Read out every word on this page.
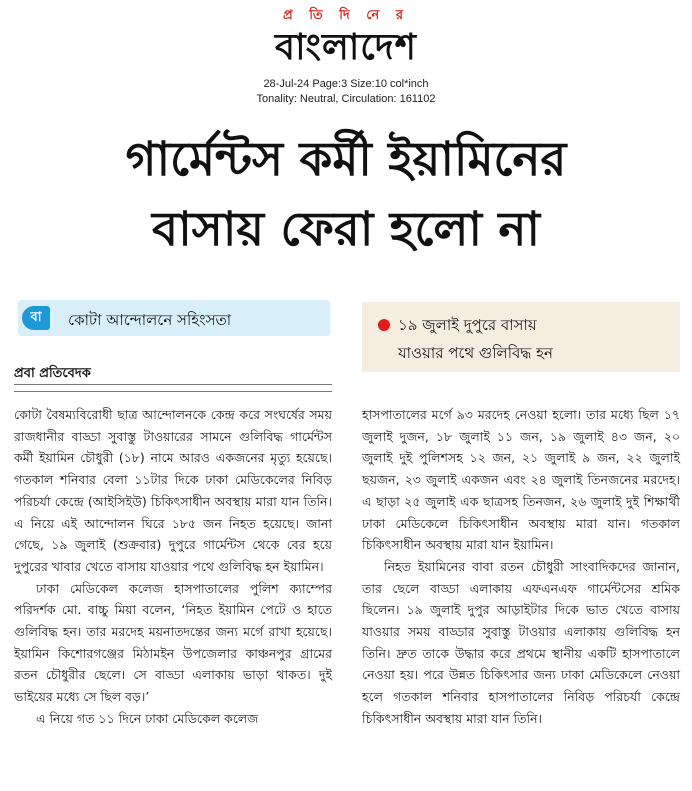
প্র তি দি নে র
বাংলাদেশ
28-Jul-24 Page:3 Size:10 col*inch
Tonality: Neutral, Circulation: 161102
গার্মেন্টস কর্মী ইয়ামিনের
বাসায় ফেরা হলো না
বা	কোটা আন্দোলনে সহিংসতা	১৯ জুলাই দুপুরে বাসায়
যাওয়ার পথে গুলিবিদ্ধ হন
প্রবা প্রতিবেদক

কোটা বৈষম্যবিরোধী ছাত্র আন্দোলনকে কেন্দ্র করে সংঘর্ষের সময় রাজধানীর বাড্ডা সুবাস্তু টাওয়ারের সামনে গুলিবিদ্ধ গার্মেন্টস কর্মী ইয়ামিন চৌধুরী (১৮) নামে আরও একজনের মৃত্যু হয়েছে। গতকাল শনিবার বেলা ১১টার দিকে ঢাকা মেডিকেলের নিবিড় পরিচর্যা কেন্দ্রে (আইসিইউ) চিকিৎসাধীন অবস্থায় মারা যান তিনি। এ নিয়ে এই আন্দোলন ঘিরে ১৮৫ জন নিহত হয়েছে। জানা গেছে, ১৯ জুলাই (শুক্রবার) দুপুরে গার্মেন্টস থেকে বের হয়ে দুপুরের খাবার খেতে বাসায় যাওয়ার পথে গুলিবিদ্ধ হন ইয়ামিন।

ঢাকা মেডিকেল কলেজ হাসপাতালের পুলিশ ক্যাম্পের পরিদর্শক মো. বাচ্চু মিয়া বলেন, ‘নিহত ইয়ামিন পেটে ও হাতে গুলিবিদ্ধ হন। তার মরদেহ ময়নাতদন্তের জন্য মর্গে রাখা হয়েছে। ইয়ামিন কিশোরগঞ্জের মিঠামইন উপজেলার কাঞ্চনপুর গ্রামের রতন চৌধুরীর ছেলে। সে বাড্ডা এলাকায় ভাড়া থাকত। দুই ভাইয়ের মধ্যে সে ছিল বড়।’

এ নিয়ে গত ১১ দিনে ঢাকা মেডিকেল কলেজ

হাসপাতালের মর্গে ৯৩ মরদেহ নেওয়া হলো। তার মধ্যে ছিল ১৭ জুলাই দুজন, ১৮ জুলাই ১১ জন, ১৯ জুলাই ৪৩ জন, ২০ জুলাই দুই পুলিশসহ ১২ জন, ২১ জুলাই ৯ জন, ২২ জুলাই ছয়জন, ২৩ জুলাই একজন এবং ২৪ জুলাই তিনজনের মরদেহ। এ ছাড়া ২৫ জুলাই এক ছাত্রসহ তিনজন, ২৬ জুলাই দুই শিক্ষার্থী ঢাকা মেডিকেলে চিকিৎসাধীন অবস্থায় মারা যান। গতকাল চিকিৎসাধীন অবস্থায় মারা যান ইয়ামিন।

নিহত ইয়ামিনের বাবা রতন চৌধুরী সাংবাদিকদের জানান, তার ছেলে বাড্ডা এলাকায় এফএনএফ গার্মেন্টসের শ্রমিক ছিলেন। ১৯ জুলাই দুপুর আড়াইটার দিকে ভাত খেতে বাসায় যাওয়ার সময় বাড্ডার সুবাস্তু টাওয়ার এলাকায় গুলিবিদ্ধ হন তিনি। দ্রুত তাকে উদ্ধার করে প্রথমে স্থানীয় একটি হাসপাতালে নেওয়া হয়। পরে উন্নত চিকিৎসার জন্য ঢাকা মেডিকেলে নেওয়া হলে গতকাল শনিবার হাসপাতালের নিবিড় পরিচর্যা কেন্দ্রে চিকিৎসাধীন অবস্থায় মারা যান তিনি।
